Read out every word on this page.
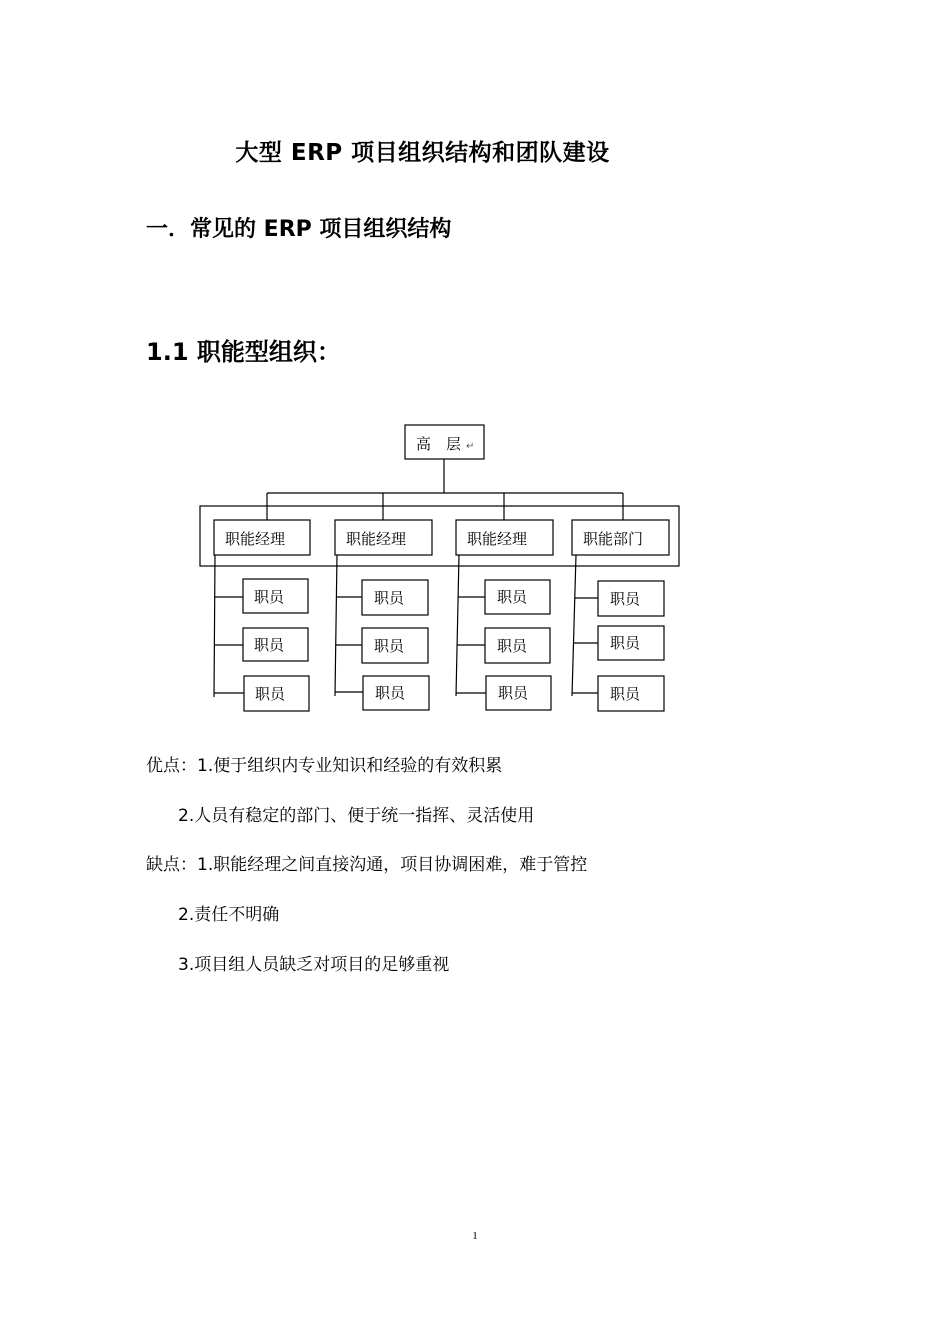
大型 ERP 项目组织结构和团队建设
一．常见的 ERP 项目组织结构
1.1 职能型组织：
高　层 ↵
职能经理	职能经理	职能经理	职能部门
职员
职员
职员
职员
职员
职员
职员
职员
职员
职员
职员
职员
优点：1.便于组织内专业知识和经验的有效积累
2.人员有稳定的部门、便于统一指挥、灵活使用
缺点：1.职能经理之间直接沟通，项目协调困难，难于管控
2.责任不明确
3.项目组人员缺乏对项目的足够重视
1
